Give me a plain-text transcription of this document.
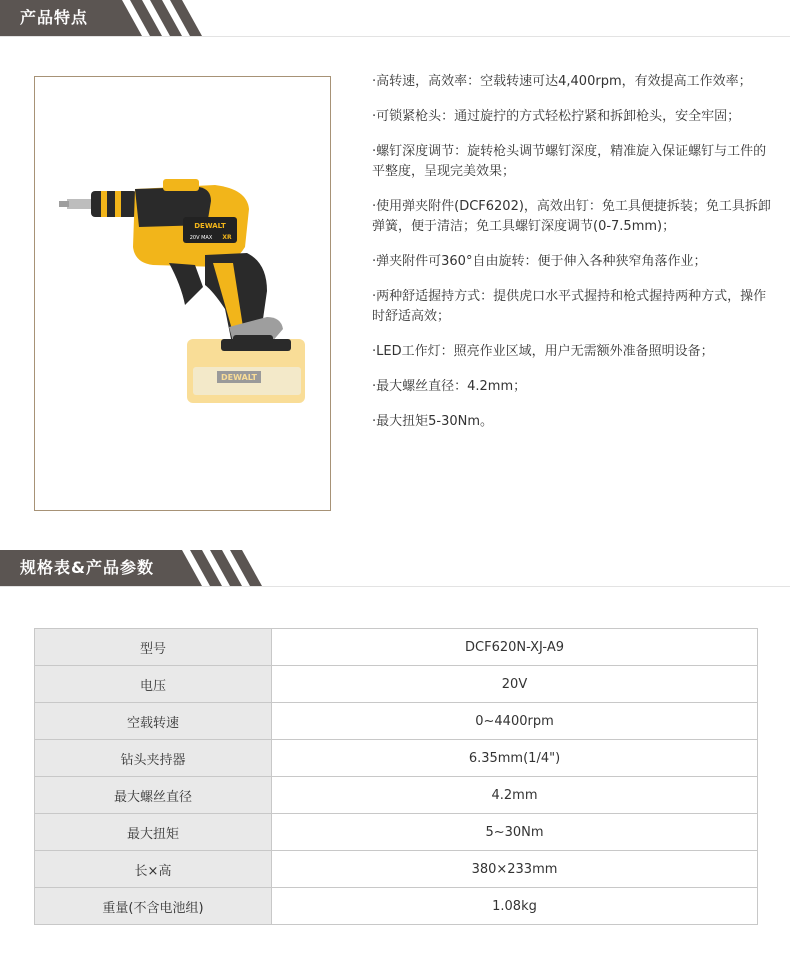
产品特点
DEWALT
DEWALT
20V MAX XR
·高转速，高效率：空载转速可达4,400rpm，有效提高工作效率；
·可锁紧枪头：通过旋拧的方式轻松拧紧和拆卸枪头，安全牢固；
·螺钉深度调节：旋转枪头调节螺钉深度，精准旋入保证螺钉与工件的平整度，呈现完美效果；
·使用弹夹附件(DCF6202)，高效出钉：免工具便捷拆装；免工具拆卸弹簧，便于清洁；免工具螺钉深度调节(0-7.5mm)；
·弹夹附件可360°自由旋转：便于伸入各种狭窄角落作业；
·两种舒适握持方式：提供虎口水平式握持和枪式握持两种方式，操作时舒适高效；
·LED工作灯：照亮作业区域，用户无需额外准备照明设备；
·最大螺丝直径：4.2mm；
·最大扭矩5-30Nm。
规格表&产品参数
型号	DCF620N-XJ-A9
电压	20V
空载转速	0~4400rpm
钻头夹持器	6.35mm(1/4")
最大螺丝直径	4.2mm
最大扭矩	5~30Nm
长×高	380×233mm
重量(不含电池组)	1.08kg
